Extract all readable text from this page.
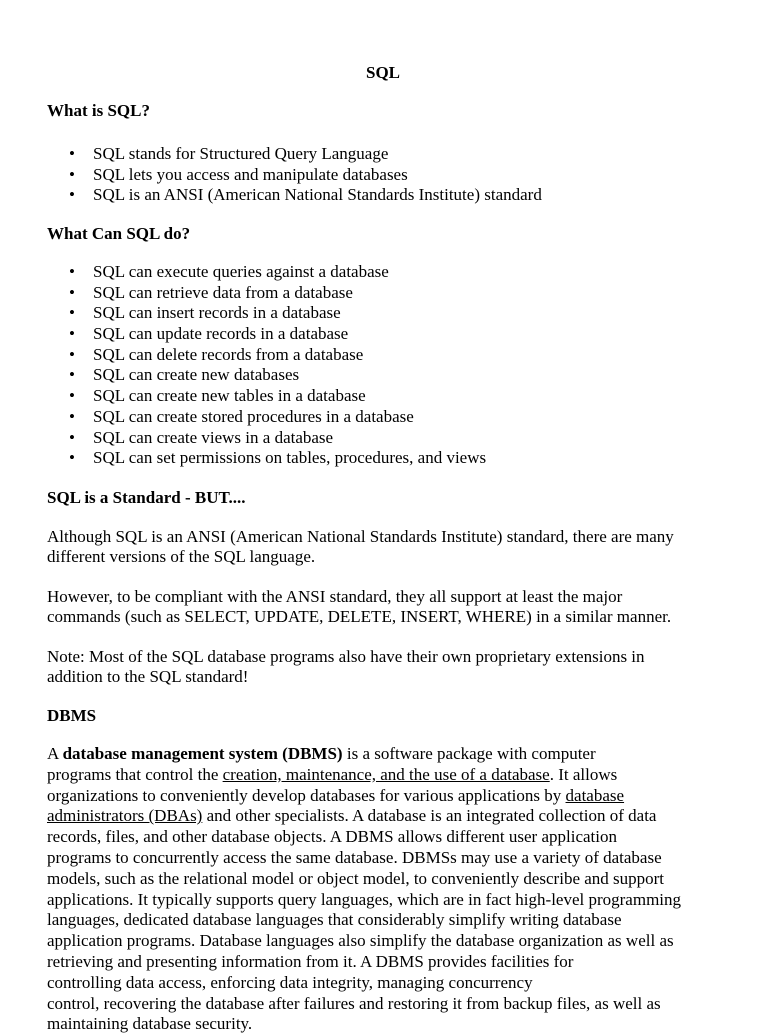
SQL
What is SQL?
• SQL stands for Structured Query Language
• SQL lets you access and manipulate databases
• SQL is an ANSI (American National Standards Institute) standard
What Can SQL do?
• SQL can execute queries against a database
• SQL can retrieve data from a database
• SQL can insert records in a database
• SQL can update records in a database
• SQL can delete records from a database
• SQL can create new databases
• SQL can create new tables in a database
• SQL can create stored procedures in a database
• SQL can create views in a database
• SQL can set permissions on tables, procedures, and views
SQL is a Standard - BUT....

Although SQL is an ANSI (American National Standards Institute) standard, there are many
different versions of the SQL language.

However, to be compliant with the ANSI standard, they all support at least the major
commands (such as SELECT, UPDATE, DELETE, INSERT, WHERE) in a similar manner.

Note: Most of the SQL database programs also have their own proprietary extensions in
addition to the SQL standard!

DBMS
A database management system (DBMS) is a software package with computer
programs that control the creation, maintenance, and the use of a database. It allows
organizations to conveniently develop databases for various applications by database
administrators (DBAs) and other specialists. A database is an integrated collection of data
records, files, and other database objects. A DBMS allows different user application
programs to concurrently access the same database. DBMSs may use a variety of database
models, such as the relational model or object model, to conveniently describe and support
applications. It typically supports query languages, which are in fact high-level programming
languages, dedicated database languages that considerably simplify writing database
application programs. Database languages also simplify the database organization as well as
retrieving and presenting information from it. A DBMS provides facilities for
controlling data access, enforcing data integrity, managing concurrency
control, recovering the database after failures and restoring it from backup files, as well as
maintaining database security.
